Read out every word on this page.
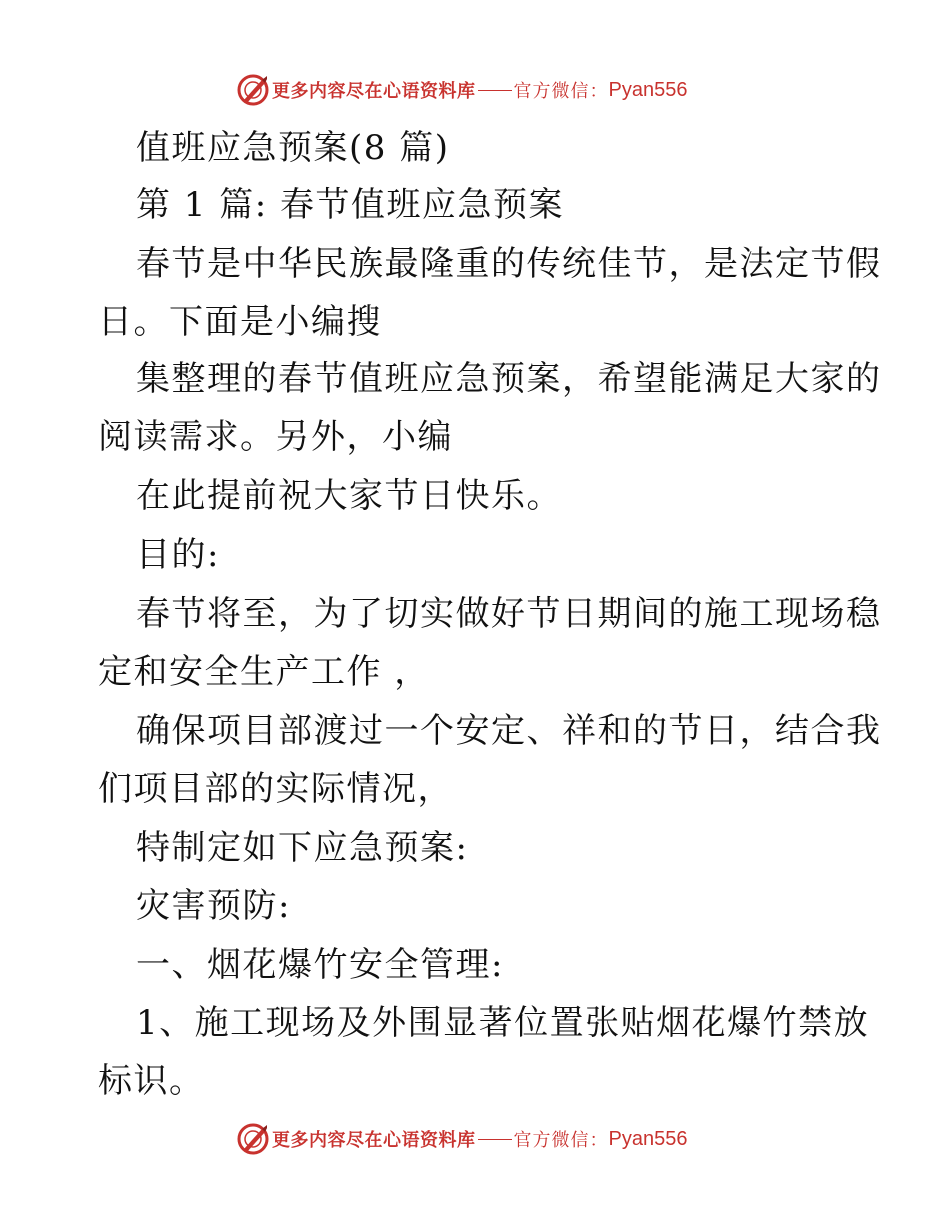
更多内容尽在心语资料库 官方微信： Pyan556
值班应急预案(8 篇)
第 1 篇: 春节值班应急预案
春节是中华民族最隆重的传统佳节，是法定节假
日。下面是小编搜
集整理的春节值班应急预案，希望能满足大家的
阅读需求。另外，小编
在此提前祝大家节日快乐。
目的:
春节将至，为了切实做好节日期间的施工现场稳
定和安全生产工作 ，
确保项目部渡过一个安定、祥和的节日，结合我
们项目部的实际情况，
特制定如下应急预案:
灾害预防:
一、烟花爆竹安全管理:
1、施工现场及外围显著位置张贴烟花爆竹禁放
标识。
更多内容尽在心语资料库 官方微信： Pyan556
